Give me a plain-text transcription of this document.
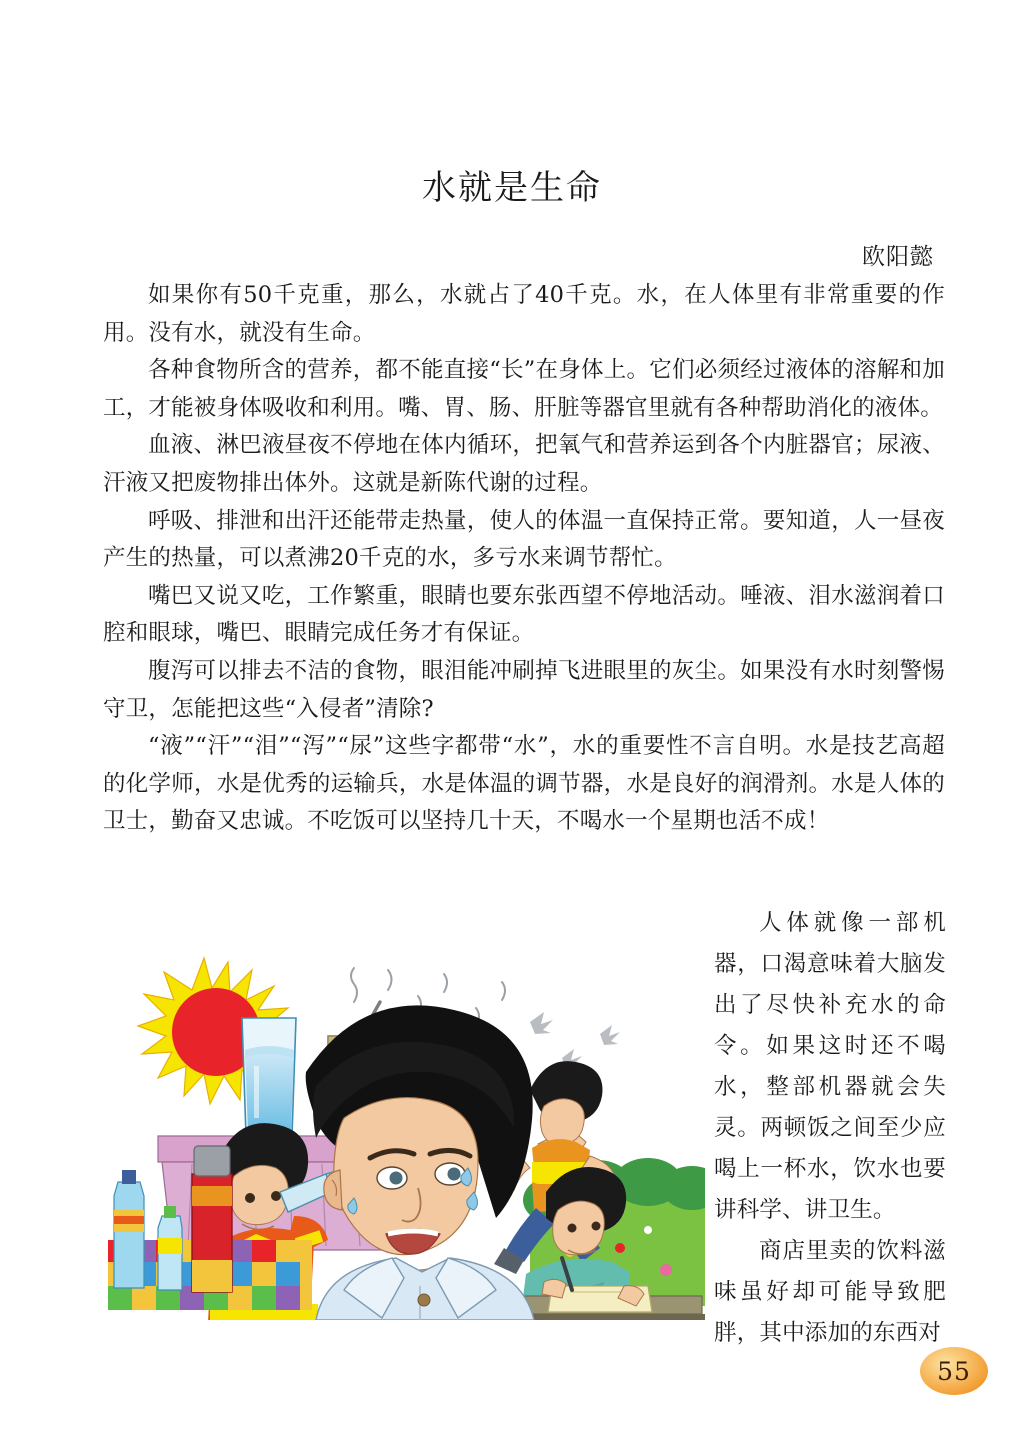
水就是生命
欧阳懿

如果你有50千克重，那么，水就占了40千克。水，在人体里有非常重要的作用。没有水，就没有生命。

各种食物所含的营养，都不能直接“长”在身体上。它们必须经过液体的溶解和加工，才能被身体吸收和利用。嘴、胃、肠、肝脏等器官里就有各种帮助消化的液体。

血液、淋巴液昼夜不停地在体内循环，把氧气和营养运到各个内脏器官；尿液、汗液又把废物排出体外。这就是新陈代谢的过程。

呼吸、排泄和出汗还能带走热量，使人的体温一直保持正常。要知道，人一昼夜产生的热量，可以煮沸20千克的水，多亏水来调节帮忙。

嘴巴又说又吃，工作繁重，眼睛也要东张西望不停地活动。唾液、泪水滋润着口腔和眼球，嘴巴、眼睛完成任务才有保证。

腹泻可以排去不洁的食物，眼泪能冲刷掉飞进眼里的灰尘。如果没有水时刻警惕守卫，怎能把这些“入侵者”清除?

“液”“汗”“泪”“泻”“尿”这些字都带“水”，水的重要性不言自明。水是技艺高超的化学师，水是优秀的运输兵，水是体温的调节器，水是良好的润滑剂。水是人体的卫士，勤奋又忠诚。不吃饭可以坚持几十天，不喝水一个星期也活不成！

人体就像一部机器，口渴意味着大脑发出了尽快补充水的命令。如果这时还不喝水，整部机器就会失灵。两顿饭之间至少应喝上一杯水，饮水也要讲科学、讲卫生。

商店里卖的饮料滋味虽好却可能导致肥胖，其中添加的东西对

55
